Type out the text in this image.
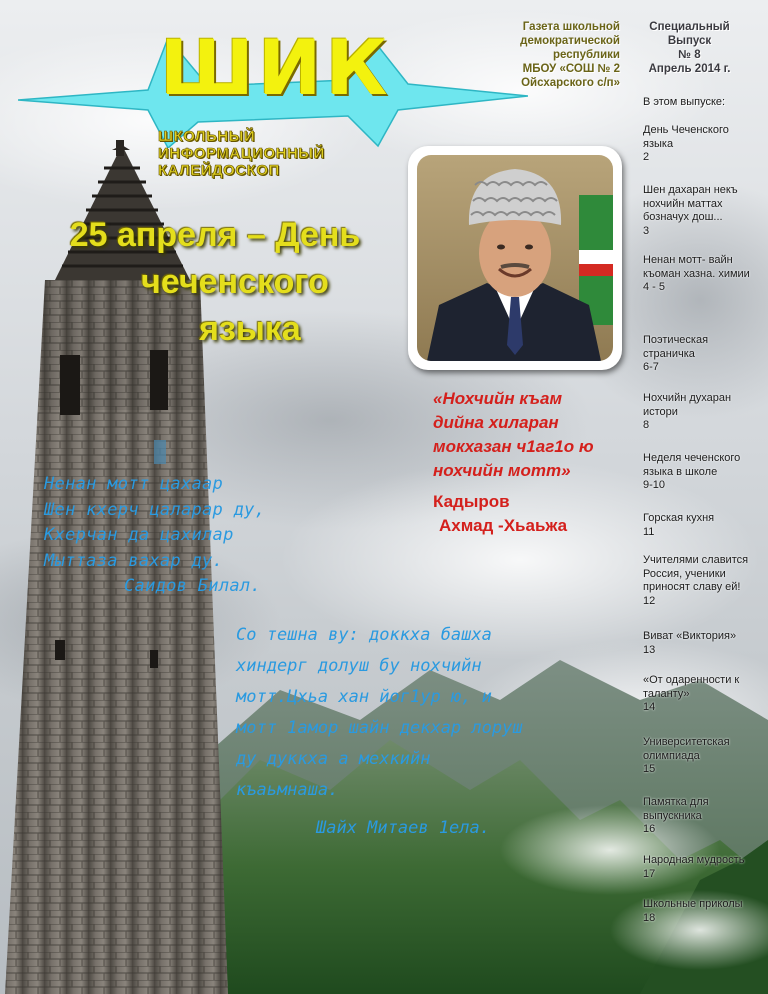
ШИК
ШКОЛЬНЫЙ
ИНФОРМАЦИОННЫЙ
КАЛЕЙДОСКОП
Газета школьной
демократической
республики
МБОУ «СОШ № 2
Ойсхарского с/п»
Специальный
Выпуск
№ 8
Апрель 2014 г.
25 апреля – День
чеченского
языка
«Нохчийн къам
дийна хиларан
мокхазан ч1аг1о ю
нохчийн мотт»
Кадыров
Ахмад -Хьаьжа
Ненан мотт цахаар
Шен кхерч цаларар ду,
Кхерчан да цахилар
Мыттаза вахар ду.
Саидов Билал.
Со тешна ву: доккха башха
хиндерг долуш бу нохчийн
мотт.Цхьа хан йог1ур ю, и
мотт 1амор шайн декхар лоруш
ду дуккха а мехкийн
къаьмнаша.
Шайх Митаев 1ела.
В этом выпуске:
День Чеченского языка
2
Шен дахаран некъ нохчийн маттах бозначух дош...
3
Ненан мотт- вайн къоман хазна. химии
4 - 5
Поэтическая страничка
6-7
Нохчийн духаран истори
8
Неделя чеченского языка в школе
9-10
Горская кухня
11
Учителями славится Россия, ученики приносят славу ей!
12
Виват «Виктория»
13
«От одаренности к таланту»
14
Университетская олимпиада
15
Памятка для выпускника
16
Народная мудрость
17
Школьные приколы
18
